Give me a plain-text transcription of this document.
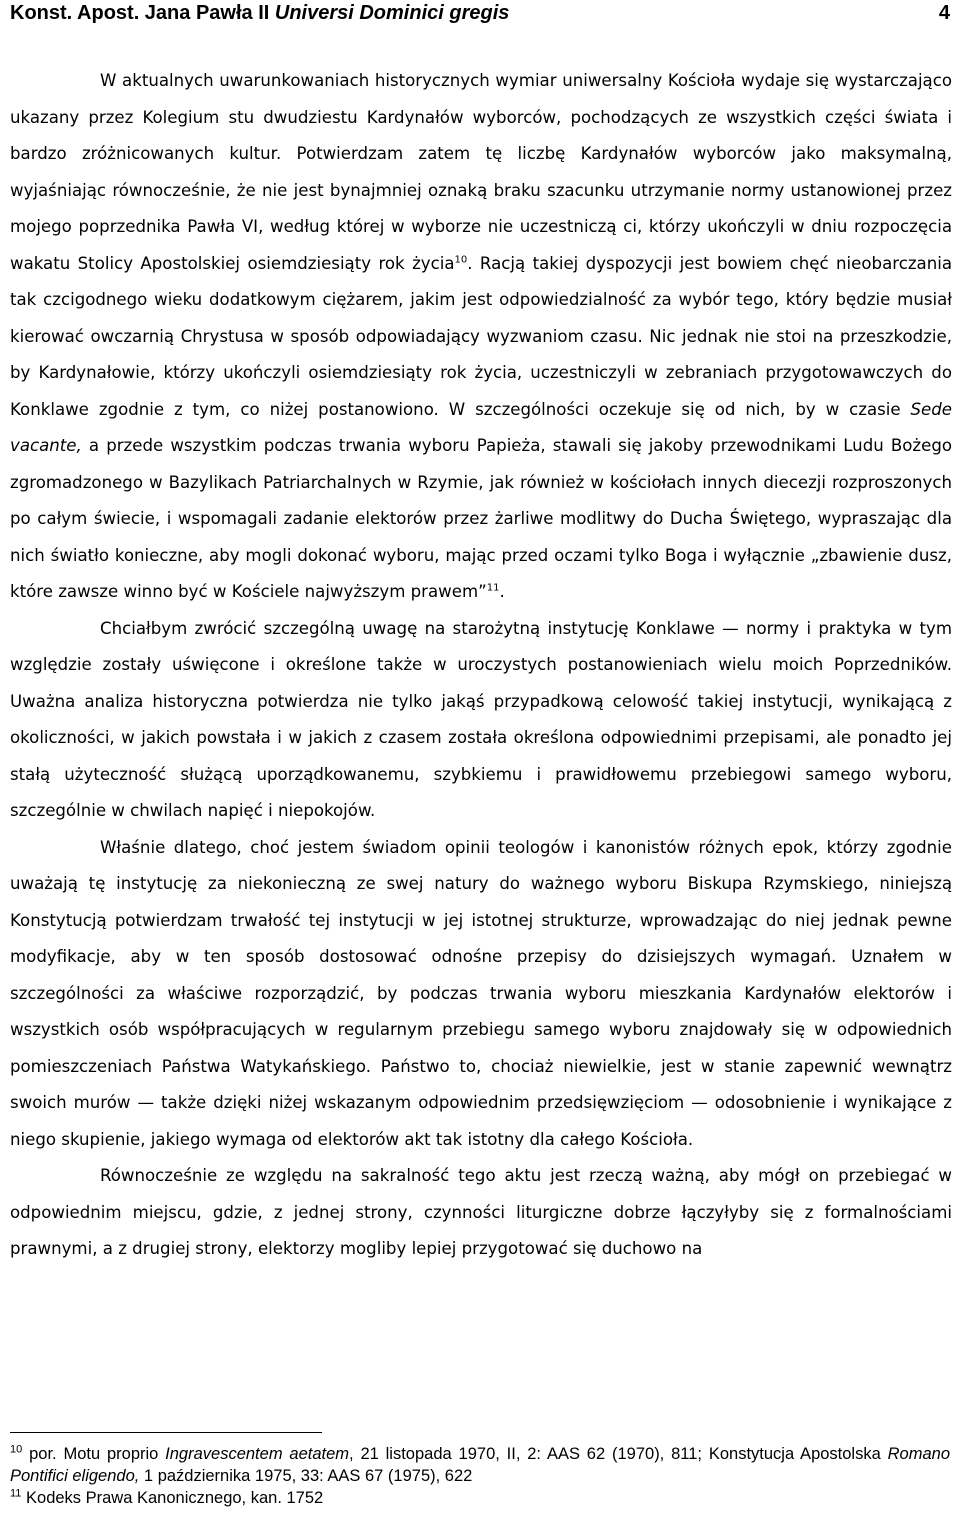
Konst. Apost. Jana Pawła II Universi Dominici gregis	4

W aktualnych uwarunkowaniach historycznych wymiar uniwersalny Kościoła wydaje się wystarczająco ukazany przez Kolegium stu dwudziestu Kardynałów wyborców, pochodzących ze wszystkich części świata i bardzo zróżnicowanych kultur. Potwierdzam zatem tę liczbę Kardynałów wyborców jako maksymalną, wyjaśniając równocześnie, że nie jest bynajmniej oznaką braku szacunku utrzymanie normy ustanowionej przez mojego poprzednika Pawła VI, według której w wyborze nie uczestniczą ci, którzy ukończyli w dniu rozpoczęcia wakatu Stolicy Apostolskiej osiemdziesiąty rok życia$^{10}$. Racją takiej dyspozycji jest bowiem chęć nieobarczania tak czcigodnego wieku dodatkowym ciężarem, jakim jest odpowiedzialność za wybór tego, który będzie musiał kierować owczarnią Chrystusa w sposób odpowiadający wyzwaniom czasu. Nic jednak nie stoi na przeszkodzie, by Kardynałowie, którzy ukończyli osiemdziesiąty rok życia, uczestniczyli w zebraniach przygotowawczych do Konklawe zgodnie z tym, co niżej postanowiono. W szczególności oczekuje się od nich, by w czasie Sede vacante, a przede wszystkim podczas trwania wyboru Papieża, stawali się jakoby przewodnikami Ludu Bożego zgromadzonego w Bazylikach Patriarchalnych w Rzymie, jak również w kościołach innych diecezji rozproszonych po całym świecie, i wspomagali zadanie elektorów przez żarliwe modlitwy do Ducha Świętego, wypraszając dla nich światło konieczne, aby mogli dokonać wyboru, mając przed oczami tylko Boga i wyłącznie „zbawienie dusz, które zawsze winno być w Kościele najwyższym prawem”$^{11}$.

Chciałbym zwrócić szczególną uwagę na starożytną instytucję Konklawe — normy i praktyka w tym względzie zostały uświęcone i określone także w uroczystych postanowieniach wielu moich Poprzedników. Uważna analiza historyczna potwierdza nie tylko jakąś przypadkową celowość takiej instytucji, wynikającą z okoliczności, w jakich powstała i w jakich z czasem została określona odpowiednimi przepisami, ale ponadto jej stałą użyteczność służącą uporządkowanemu, szybkiemu i prawidłowemu przebiegowi samego wyboru, szczególnie w chwilach napięć i niepokojów.

Właśnie dlatego, choć jestem świadom opinii teologów i kanonistów różnych epok, którzy zgodnie uważają tę instytucję za niekonieczną ze swej natury do ważnego wyboru Biskupa Rzymskiego, niniejszą Konstytucją potwierdzam trwałość tej instytucji w jej istotnej strukturze, wprowadzając do niej jednak pewne modyfikacje, aby w ten sposób dostosować odnośne przepisy do dzisiejszych wymagań. Uznałem w szczególności za właściwe rozporządzić, by podczas trwania wyboru mieszkania Kardynałów elektorów i wszystkich osób współpracujących w regularnym przebiegu samego wyboru znajdowały się w odpowiednich pomieszczeniach Państwa Watykańskiego. Państwo to, chociaż niewielkie, jest w stanie zapewnić wewnątrz swoich murów — także dzięki niżej wskazanym odpowiednim przedsięwzięciom — odosobnienie i wynikające z niego skupienie, jakiego wymaga od elektorów akt tak istotny dla całego Kościoła.

Równocześnie ze względu na sakralność tego aktu jest rzeczą ważną, aby mógł on przebiegać w odpowiednim miejscu, gdzie, z jednej strony, czynności liturgiczne dobrze łączyłyby się z formalnościami prawnymi, a z drugiej strony, elektorzy mogliby lepiej przygotować się duchowo na

$^{10}$ por. Motu proprio Ingravescentem aetatem, 21 listopada 1970, II, 2: AAS 62 (1970), 811; Konstytucja Apostolska Romano Pontifici eligendo, 1 października 1975, 33: AAS 67 (1975), 622

$^{11}$ Kodeks Prawa Kanonicznego, kan. 1752
